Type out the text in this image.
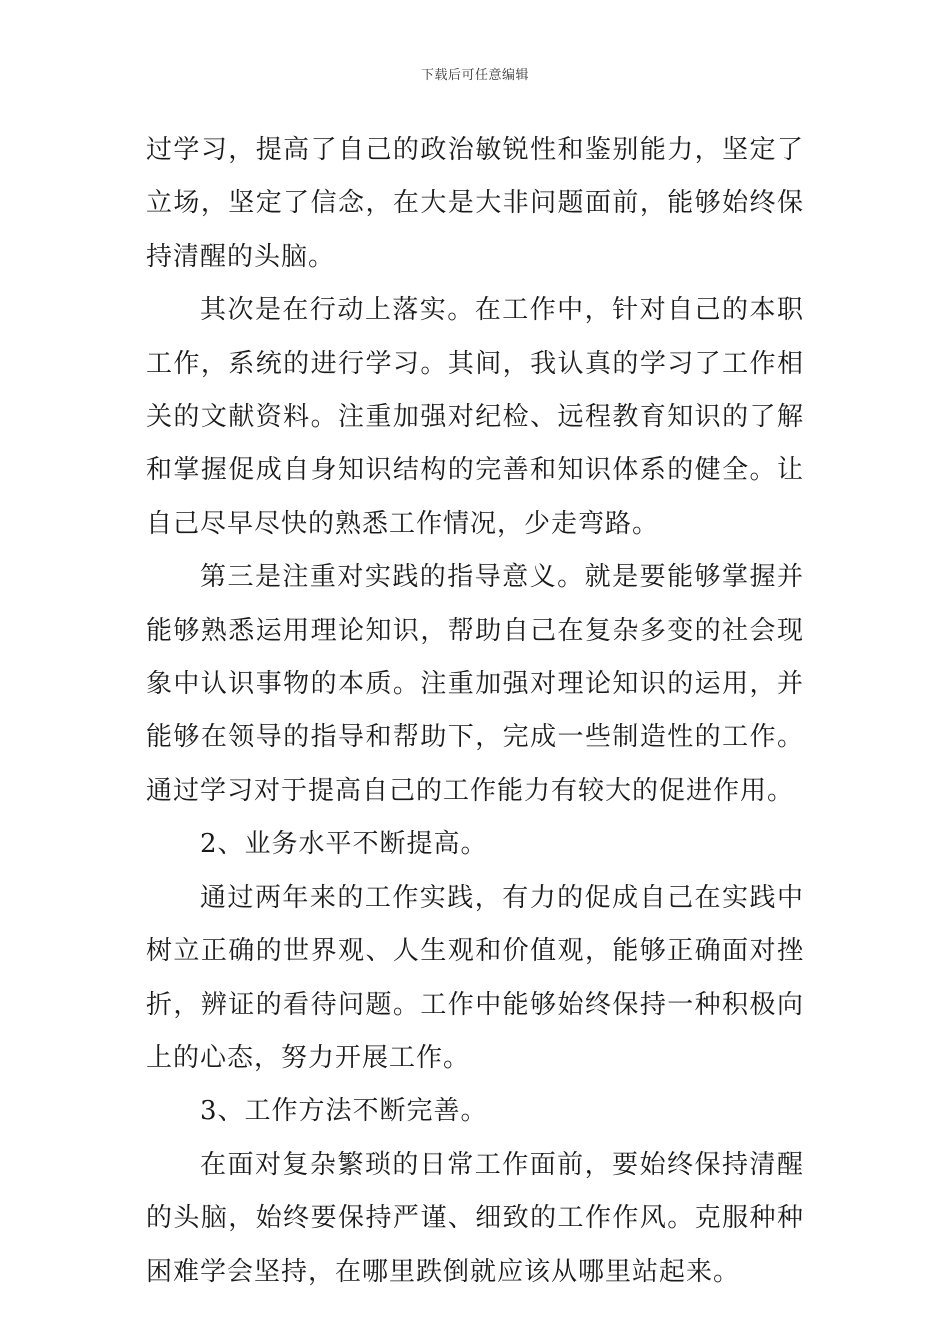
下载后可任意编辑

过学习，提高了自己的政治敏锐性和鉴别能力，坚定了立场，坚定了信念，在大是大非问题面前，能够始终保持清醒的头脑。

其次是在行动上落实。在工作中，针对自己的本职工作，系统的进行学习。其间，我认真的学习了工作相关的文献资料。注重加强对纪检、远程教育知识的了解和掌握促成自身知识结构的完善和知识体系的健全。让自己尽早尽快的熟悉工作情况，少走弯路。

第三是注重对实践的指导意义。就是要能够掌握并能够熟悉运用理论知识，帮助自己在复杂多变的社会现象中认识事物的本质。注重加强对理论知识的运用，并能够在领导的指导和帮助下，完成一些制造性的工作。通过学习对于提高自己的工作能力有较大的促进作用。

2、业务水平不断提高。

通过两年来的工作实践，有力的促成自己在实践中树立正确的世界观、人生观和价值观，能够正确面对挫折，辨证的看待问题。工作中能够始终保持一种积极向上的心态，努力开展工作。

3、工作方法不断完善。

在面对复杂繁琐的日常工作面前，要始终保持清醒的头脑，始终要保持严谨、细致的工作作风。克服种种困难学会坚持，在哪里跌倒就应该从哪里站起来。
